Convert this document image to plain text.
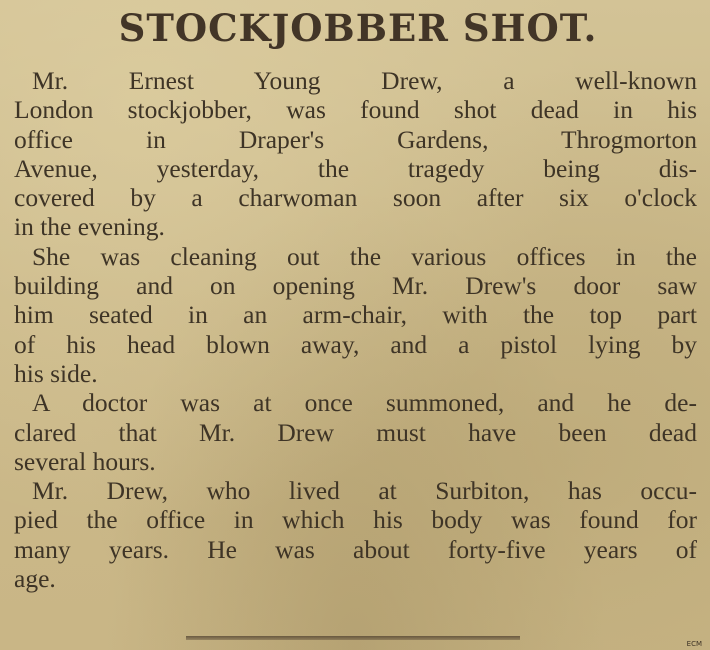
STOCKJOBBER SHOT.
Mr. Ernest Young Drew, a well-known
London stockjobber, was found shot dead in his
office in Draper's Gardens, Throgmorton
Avenue, yesterday, the tragedy being dis-
covered by a charwoman soon after six o'clock
in the evening.
She was cleaning out the various offices in the
building and on opening Mr. Drew's door saw
him seated in an arm-chair, with the top part
of his head blown away, and a pistol lying by
his side.
A doctor was at once summoned, and he de-
clared that Mr. Drew must have been dead
several hours.
Mr. Drew, who lived at Surbiton, has occu-
pied the office in which his body was found for
many years. He was about forty-five years of
age.
ECM
